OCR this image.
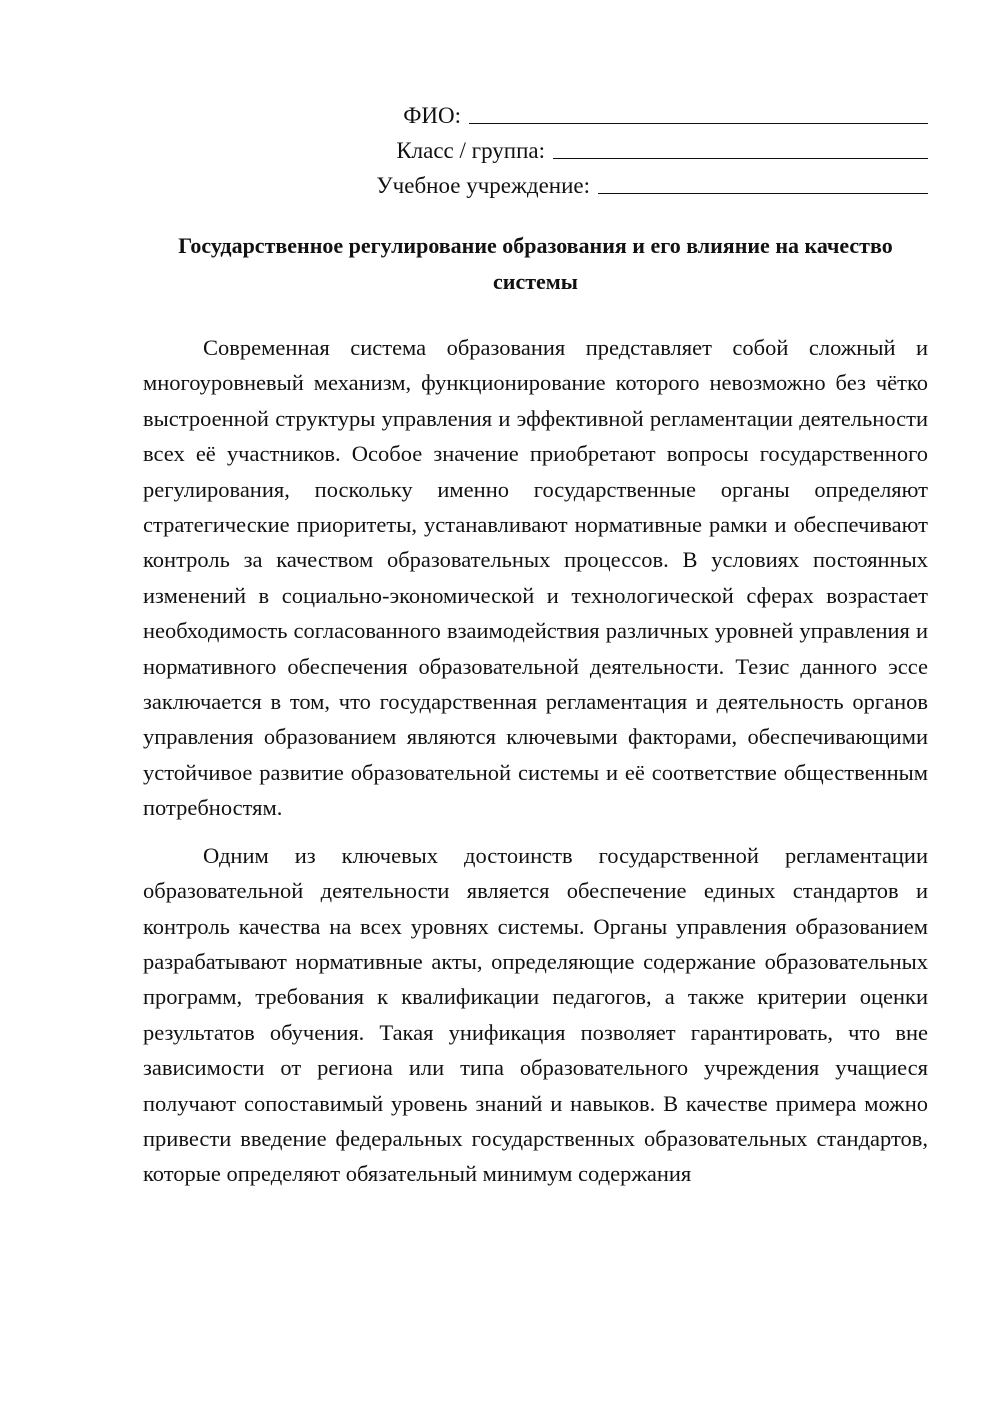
ФИО:
Класс / группа:
Учебное учреждение:
Государственное регулирование образования и его влияние на качество системы

Современная система образования представляет собой сложный и многоуровневый механизм, функционирование которого невозможно без чётко выстроенной структуры управления и эффективной регламентации деятельности всех её участников. Особое значение приобретают вопросы государственного регулирования, поскольку именно государственные органы определяют стратегические приоритеты, устанавливают нормативные рамки и обеспечивают контроль за качеством образовательных процессов. В условиях постоянных изменений в социально-экономической и технологической сферах возрастает необходимость согласованного взаимодействия различных уровней управления и нормативного обеспечения образовательной деятельности. Тезис данного эссе заключается в том, что государственная регламентация и деятельность органов управления образованием являются ключевыми факторами, обеспечивающими устойчивое развитие образовательной системы и её соответствие общественным потребностям.

Одним из ключевых достоинств государственной регламентации образовательной деятельности является обеспечение единых стандартов и контроль качества на всех уровнях системы. Органы управления образованием разрабатывают нормативные акты, определяющие содержание образовательных программ, требования к квалификации педагогов, а также критерии оценки результатов обучения. Такая унификация позволяет гарантировать, что вне зависимости от региона или типа образовательного учреждения учащиеся получают сопоставимый уровень знаний и навыков. В качестве примера можно привести введение федеральных государственных образовательных стандартов, которые определяют обязательный минимум содержания
